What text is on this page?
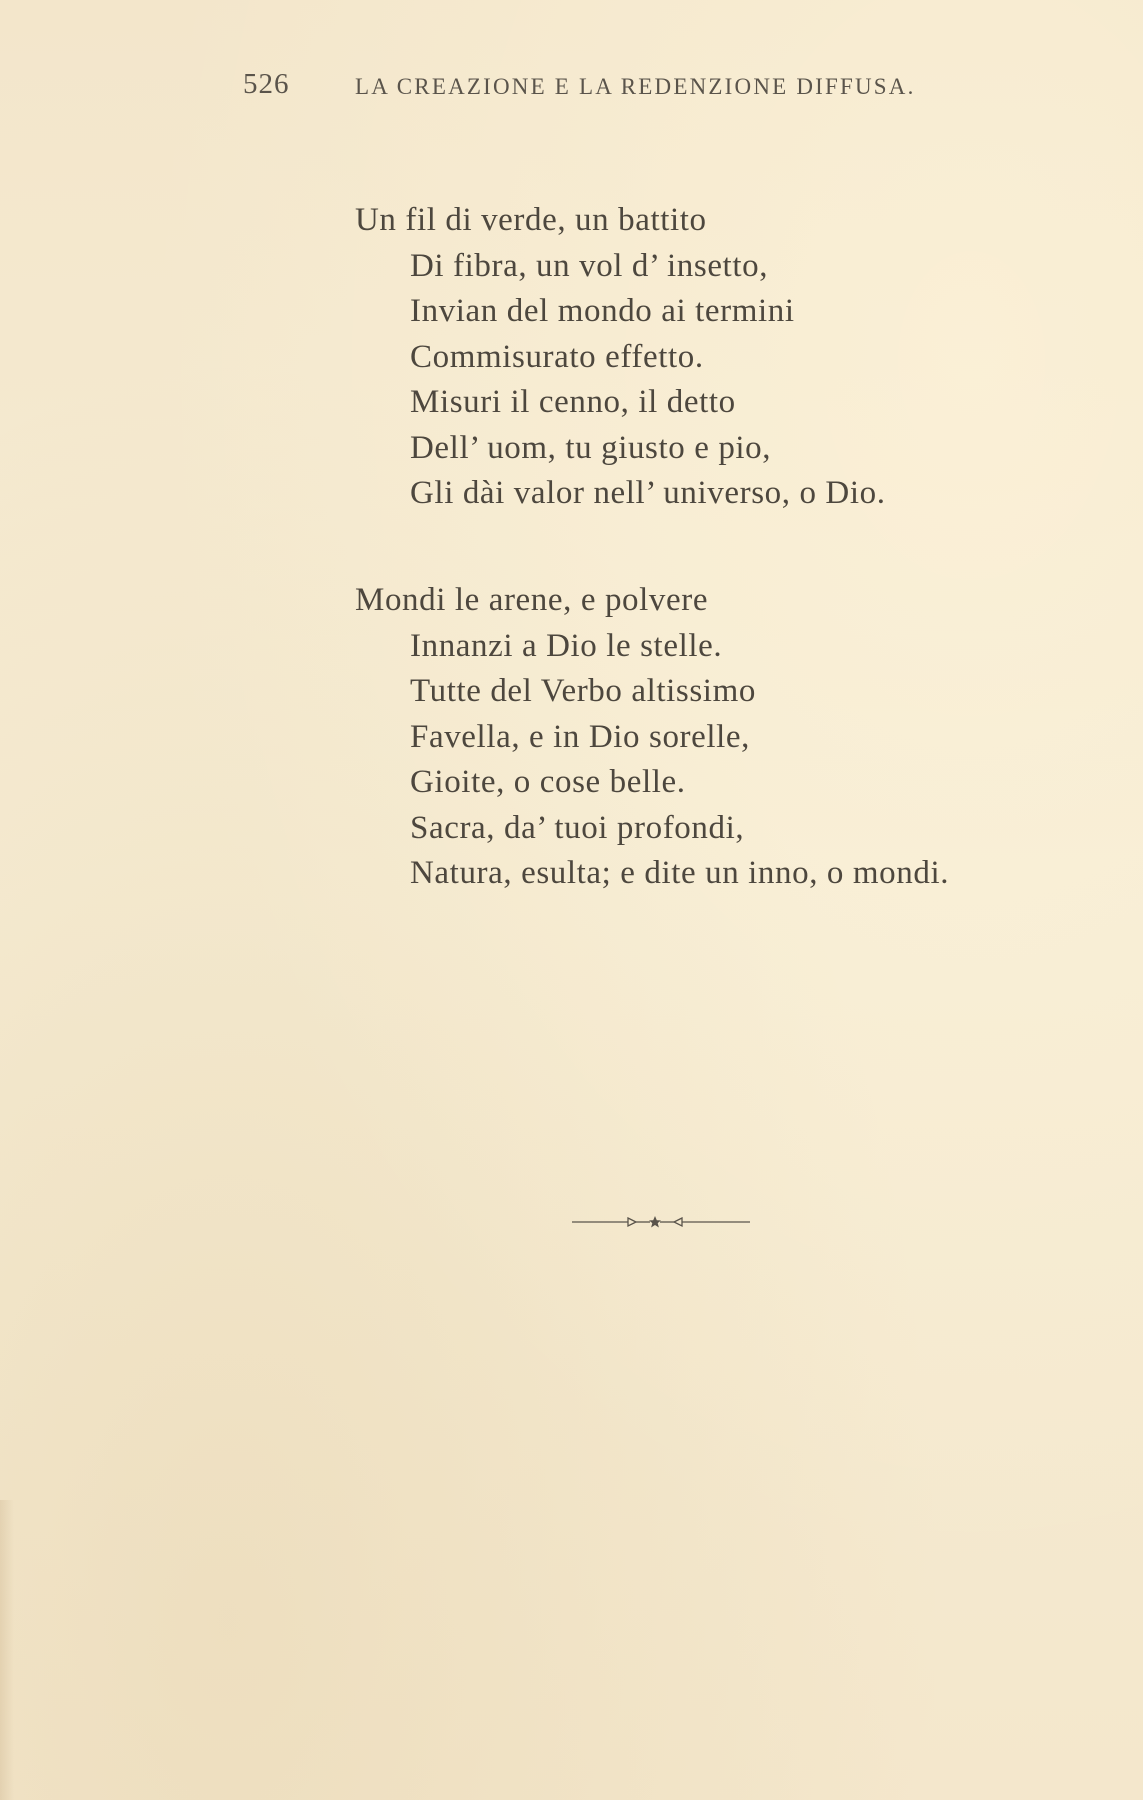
526	LA CREAZIONE E LA REDENZIONE DIFFUSA.
Un fil di verde, un battito
Di fibra, un vol d’ insetto,
Invian del mondo ai termini
Commisurato effetto.
Misuri il cenno, il detto
Dell’ uom, tu giusto e pio,
Gli dài valor nell’ universo, o Dio.
Mondi le arene, e polvere
Innanzi a Dio le stelle.
Tutte del Verbo altissimo
Favella, e in Dio sorelle,
Gioite, o cose belle.
Sacra, da’ tuoi profondi,
Natura, esulta; e dite un inno, o mondi.
